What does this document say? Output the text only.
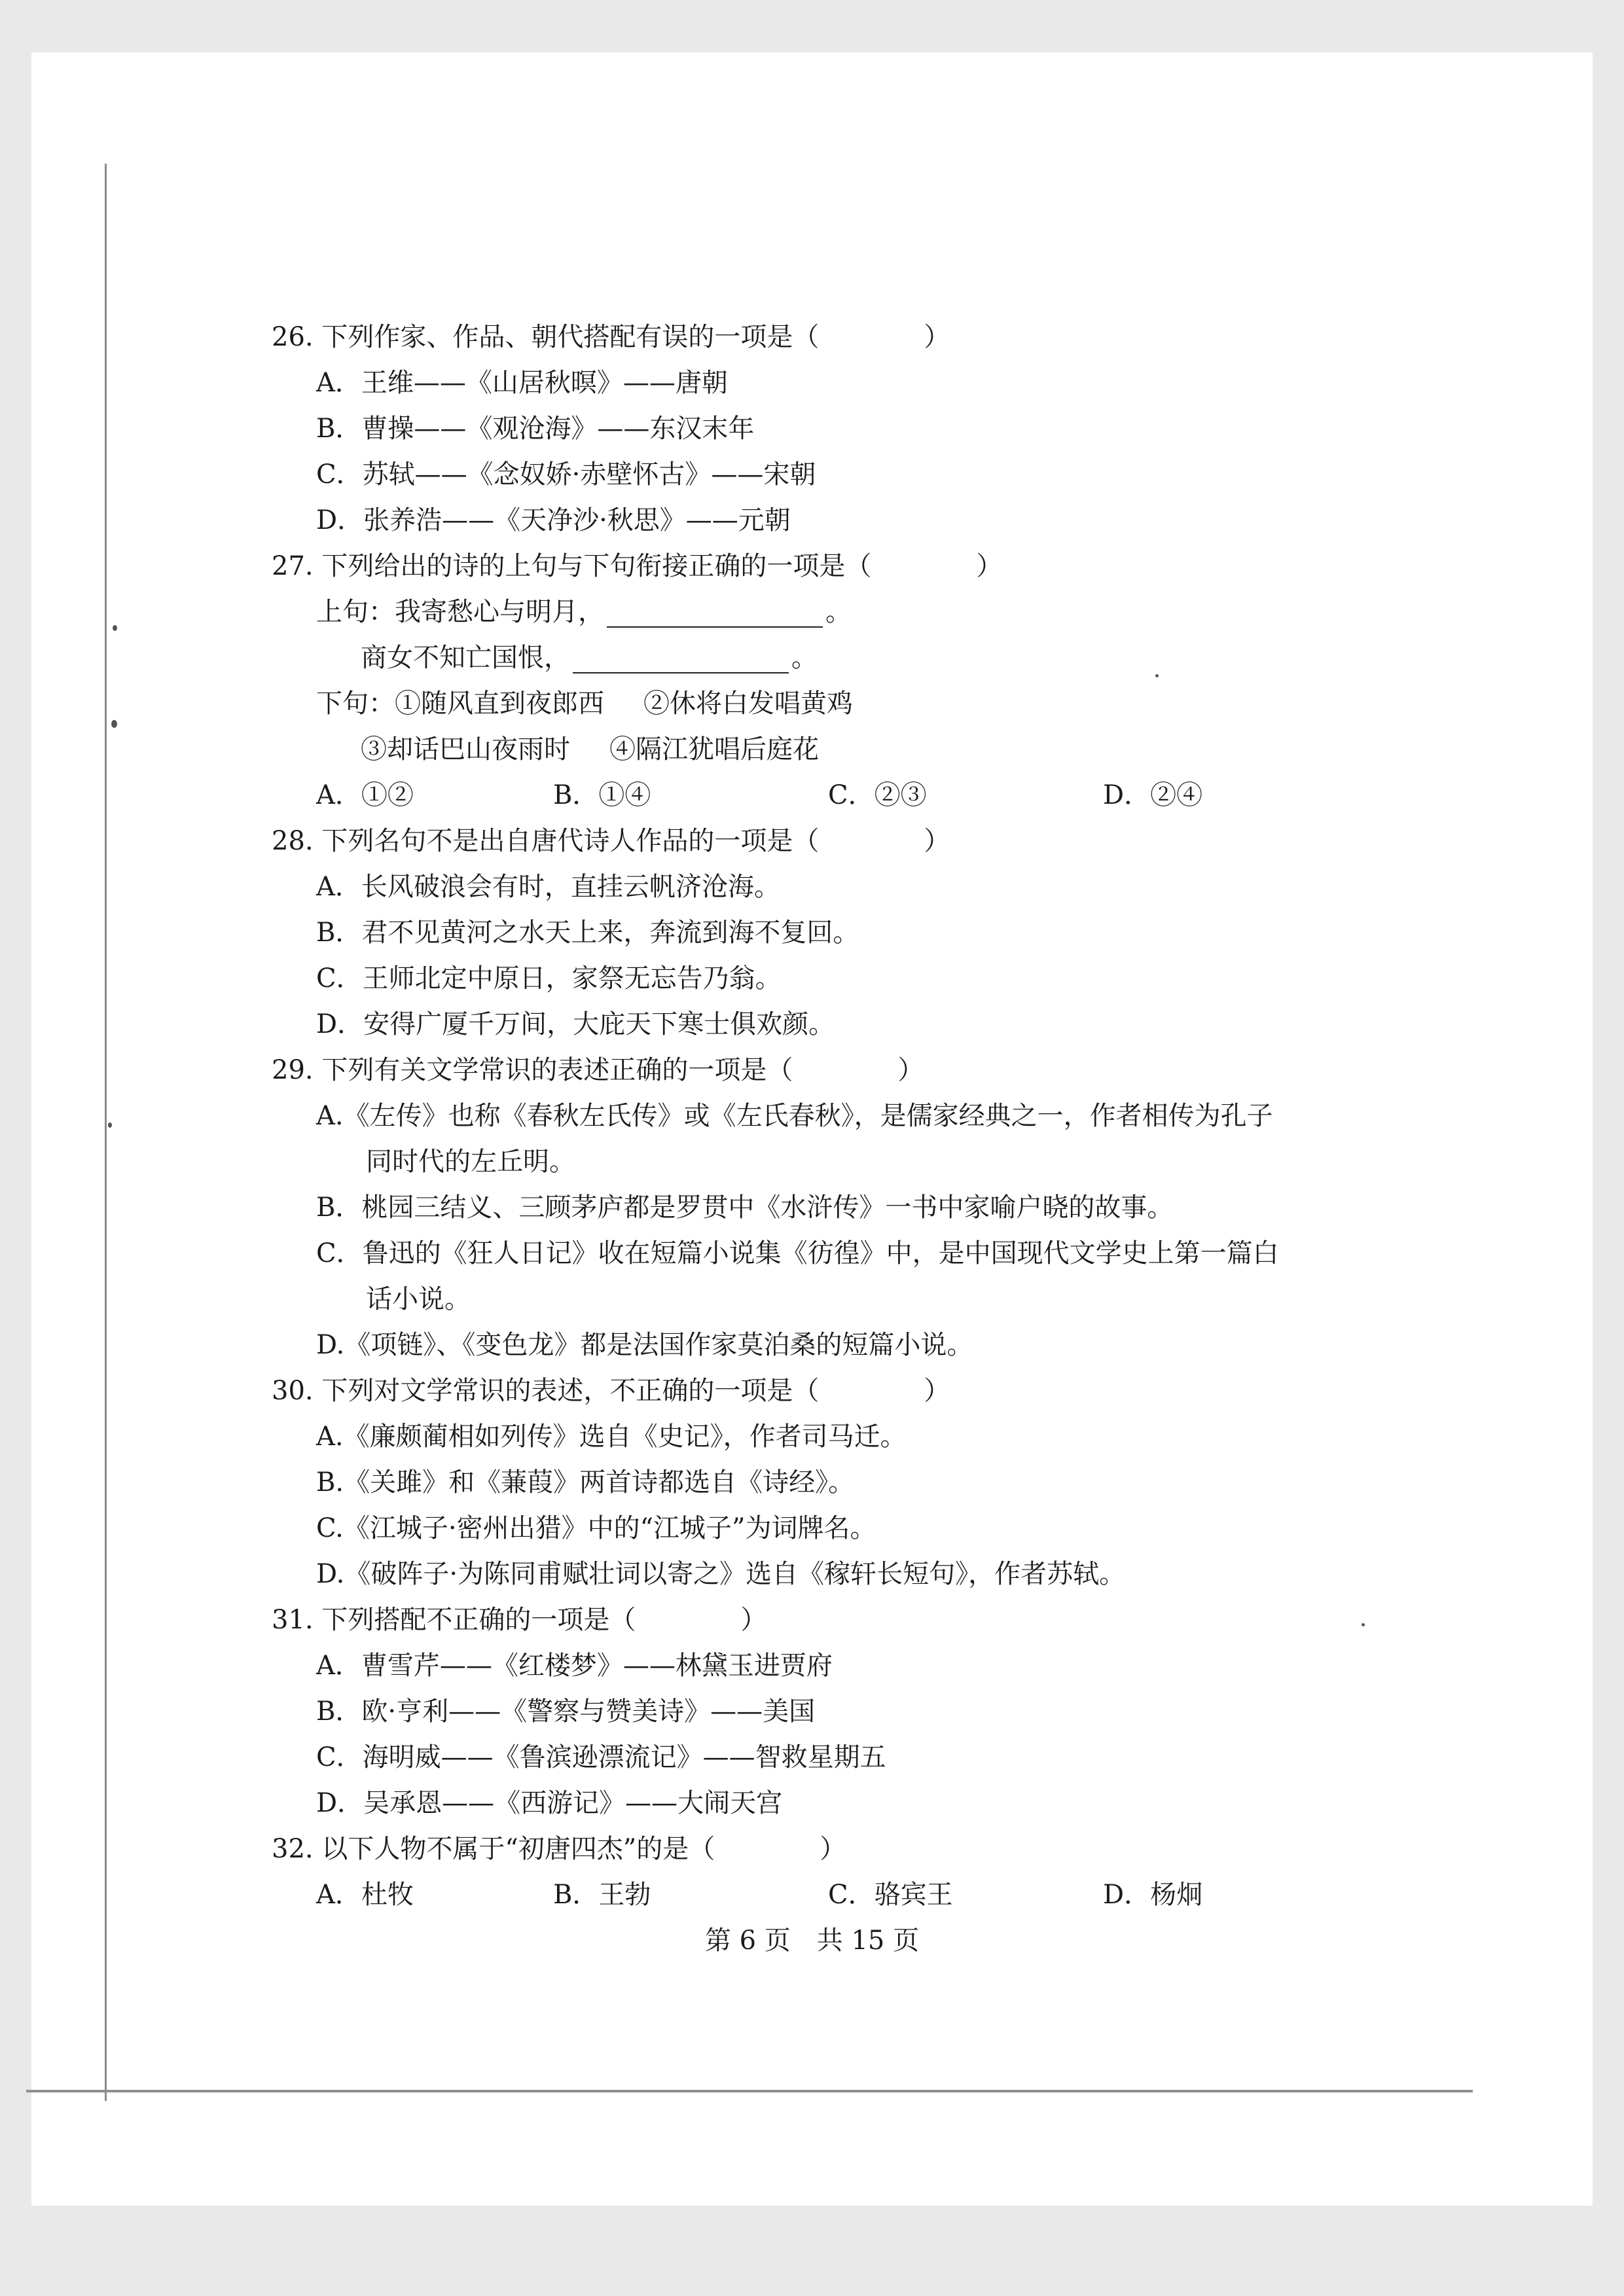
26. 下列作家、作品、朝代搭配有误的一项是（　　　　）
A．王维——《山居秋暝》——唐朝
B．曹操——《观沧海》——东汉末年
C．苏轼——《念奴娇·赤壁怀古》——宋朝
D．张养浩——《天净沙·秋思》——元朝
27. 下列给出的诗的上句与下句衔接正确的一项是（　　　　）
上句：我寄愁心与明月，	。
商女不知亡国恨，	。
下句：①随风直到夜郎西 ②休将白发唱黄鸡
③却话巴山夜雨时 ④隔江犹唱后庭花
A．①②	B．①④	C．②③	D．②④
28. 下列名句不是出自唐代诗人作品的一项是（　　　　）
A．长风破浪会有时，直挂云帆济沧海。
B．君不见黄河之水天上来，奔流到海不复回。
C．王师北定中原日，家祭无忘告乃翁。
D．安得广厦千万间，大庇天下寒士俱欢颜。
29. 下列有关文学常识的表述正确的一项是（　　　　）
A.《左传》也称《春秋左氏传》或《左氏春秋》，是儒家经典之一，作者相传为孔子
同时代的左丘明。
B．桃园三结义、三顾茅庐都是罗贯中《水浒传》一书中家喻户晓的故事。
C．鲁迅的《狂人日记》收在短篇小说集《彷徨》中，是中国现代文学史上第一篇白
话小说。
D.《项链》、《变色龙》都是法国作家莫泊桑的短篇小说。
30. 下列对文学常识的表述，不正确的一项是（　　　　）
A.《廉颇蔺相如列传》选自《史记》，作者司马迁。
B.《关雎》和《蒹葭》两首诗都选自《诗经》。
C.《江城子·密州出猎》中的“江城子”为词牌名。
D.《破阵子·为陈同甫赋壮词以寄之》选自《稼轩长短句》，作者苏轼。
31. 下列搭配不正确的一项是（　　　　）
A．曹雪芹——《红楼梦》——林黛玉进贾府
B．欧·亨利——《警察与赞美诗》——美国
C．海明威——《鲁滨逊漂流记》——智救星期五
D．吴承恩——《西游记》——大闹天宫
32. 以下人物不属于“初唐四杰”的是（　　　　）
A．杜牧	B．王勃	C．骆宾王	D．杨炯
第 6 页　共 15 页
